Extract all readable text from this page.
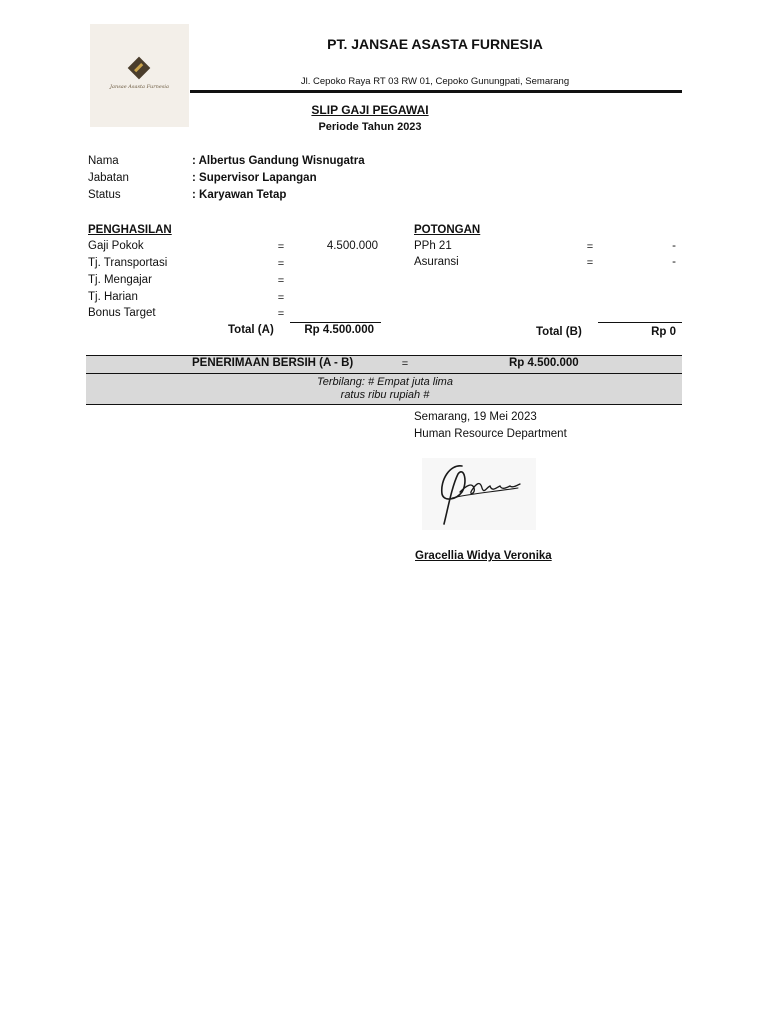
Jansae Asasta Furnesia
PT. JANSAE ASASTA FURNESIA
Jl. Cepoko Raya RT 03 RW 01, Cepoko Gunungpati, Semarang
SLIP GAJI PEGAWAI
Periode Tahun 2023
Nama	: Albertus Gandung Wisnugatra
Jabatan	: Supervisor Lapangan
Status	: Karyawan Tetap
PENGHASILAN
Gaji Pokok	=	4.500.000
Tj. Transportasi	=
Tj. Mengajar	=
Tj. Harian	=
Bonus Target	=
Total (A)	Rp 4.500.000
POTONGAN
PPh 21	=	-
Asuransi	=	-
Total (B)	Rp 0
PENERIMAAN BERSIH (A - B)	=	Rp 4.500.000
Terbilang: # Empat juta lima
ratus ribu rupiah #
Semarang, 19 Mei 2023
Human Resource Department
Gracellia Widya Veronika
